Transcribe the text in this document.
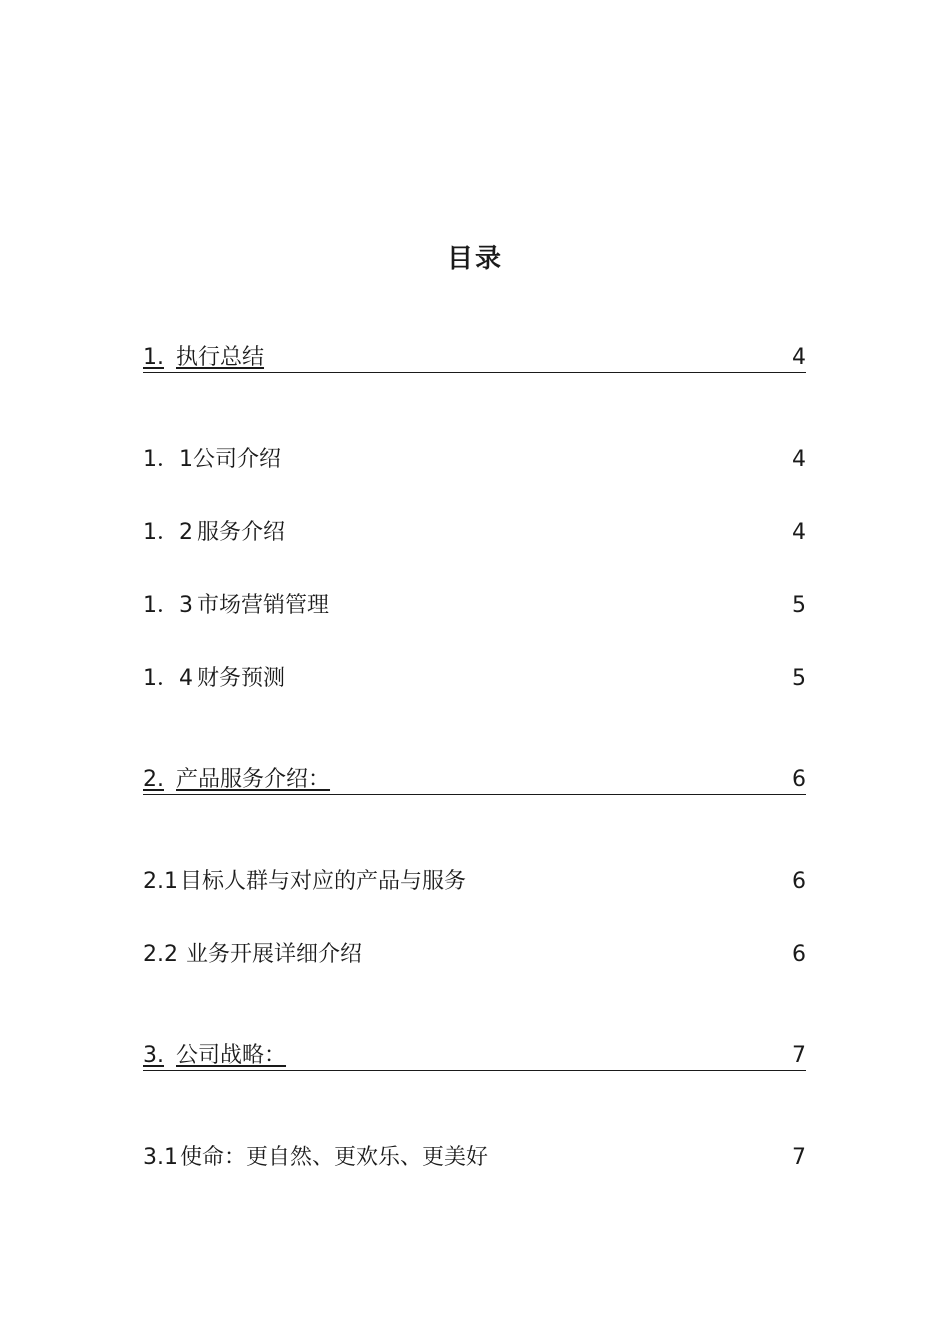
目录
1. 执行总结	4
1．1 公司介绍	4
1．2 服务介绍	4
1．3 市场营销管理	5
1．4 财务预测	5
2. 产品服务介绍：	6
2.1 目标人群与对应的产品与服务	6
2.2 业务开展详细介绍	6
3. 公司战略：	7
3.1 使命：更自然、更欢乐、更美好	7
